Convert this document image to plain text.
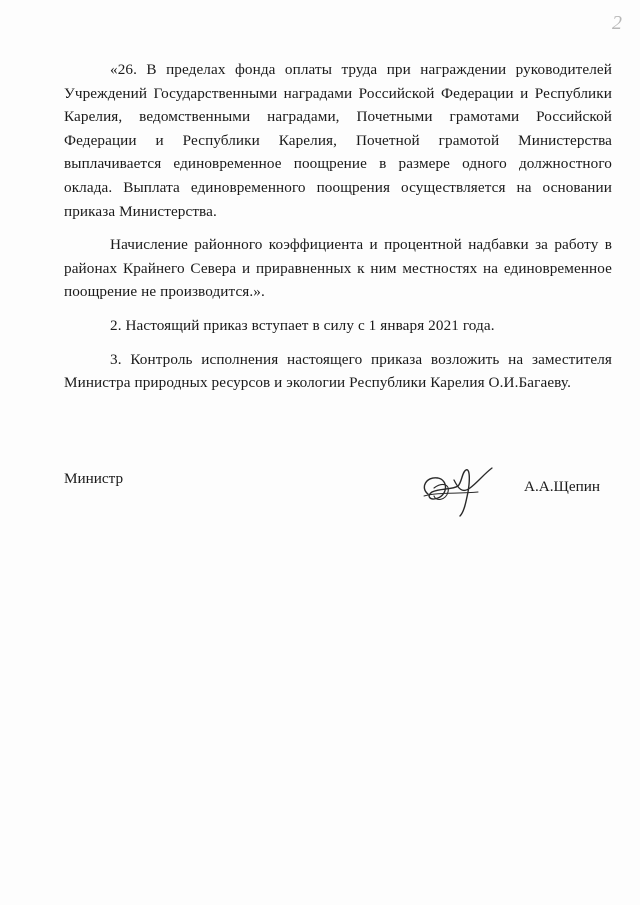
2

«26. В пределах фонда оплаты труда при награждении руководителей Учреждений Государственными наградами Российской Федерации и Республики Карелия, ведомственными наградами, Почетными грамотами Российской Федерации и Республики Карелия, Почетной грамотой Министерства выплачивается единовременное поощрение в размере одного должностного оклада. Выплата единовременного поощрения осуществляется на основании приказа Министерства.

Начисление районного коэффициента и процентной надбавки за работу в районах Крайнего Севера и приравненных к ним местностях на единовременное поощрение не производится.».

2. Настоящий приказ вступает в силу с 1 января 2021 года.

3. Контроль исполнения настоящего приказа возложить на заместителя Министра природных ресурсов и экологии Республики Карелия О.И.Багаеву.

Министр	А.А.Щепин
